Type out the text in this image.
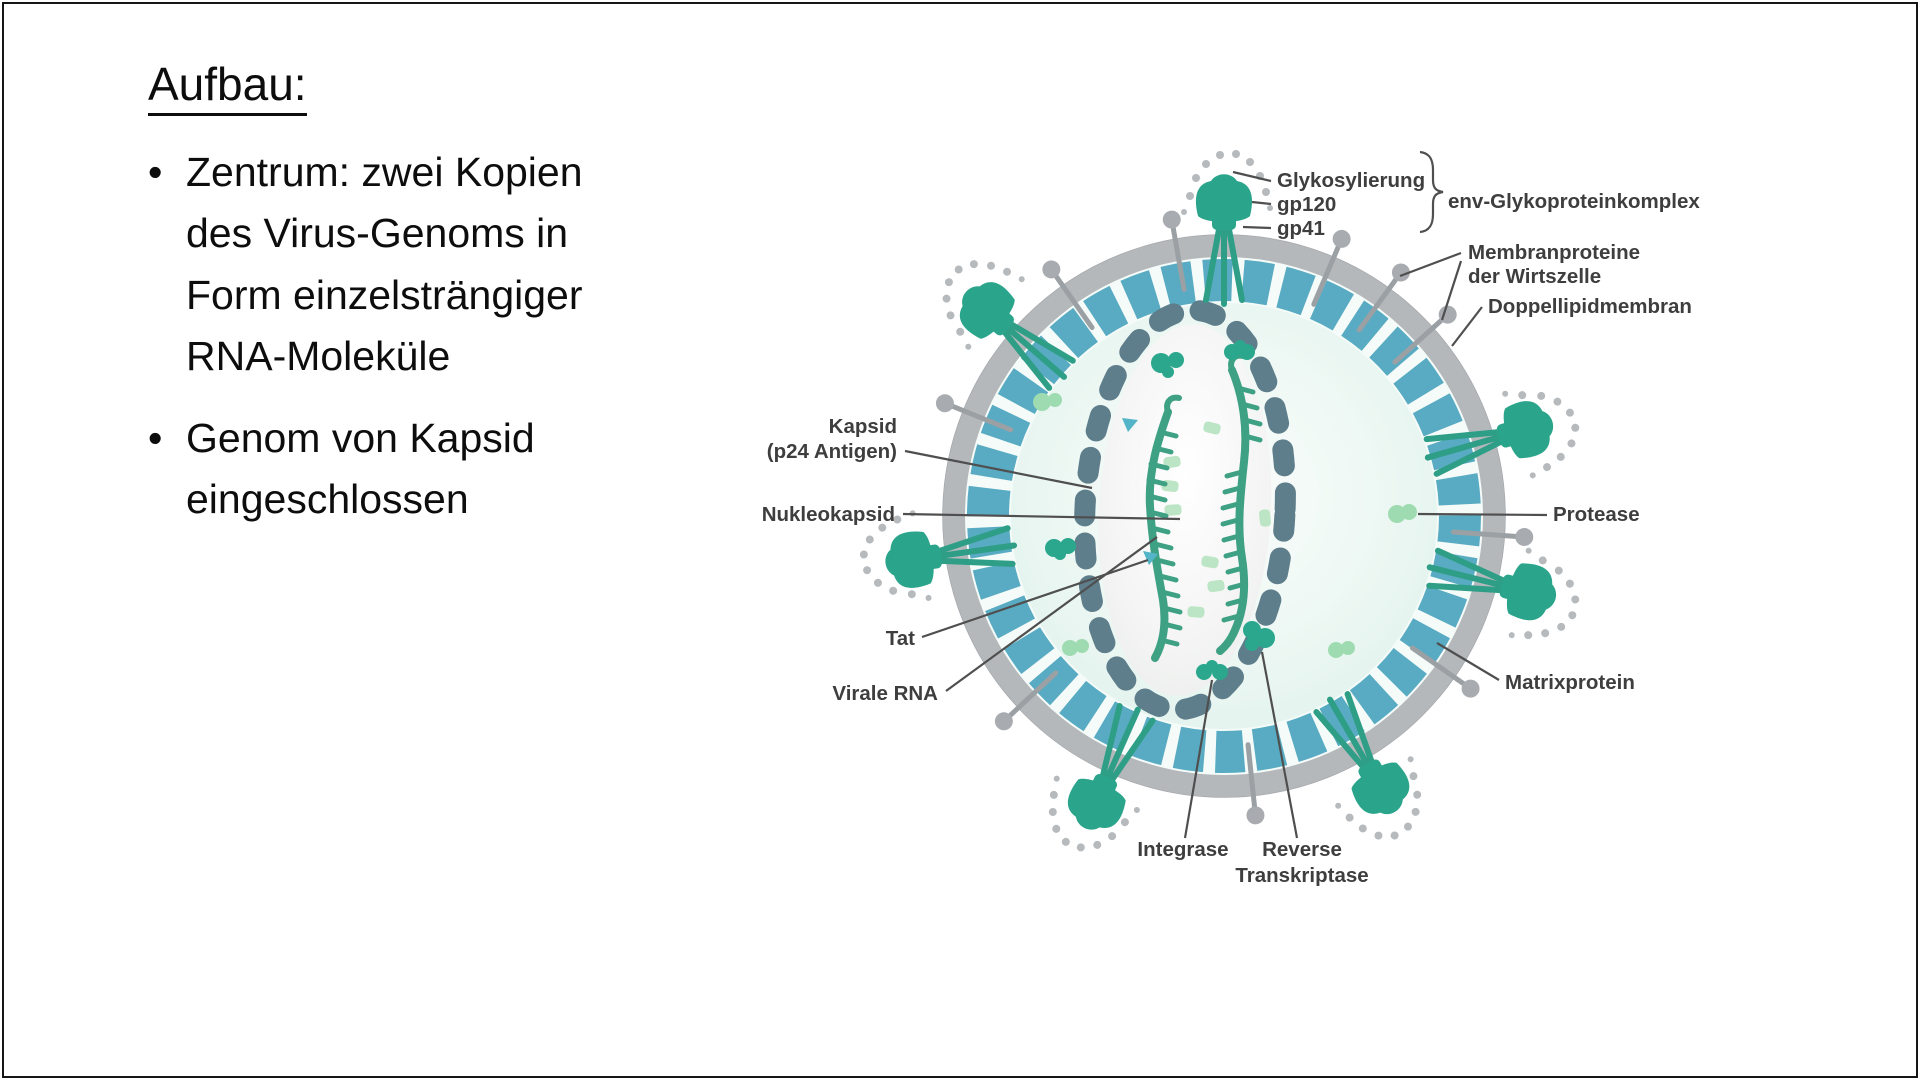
Aufbau:
• Zentrum: zwei Kopien des Virus-Genoms in Form einzelsträngiger RNA-Moleküle
• Genom von Kapsid eingeschlossen
Glykosylierung
gp120
gp41
env-Glykoproteinkomplex
Membranproteine
der Wirtszelle
Doppellipidmembran
Kapsid
(p24 Antigen)
Nukleokapsid
Tat
Virale RNA
Integrase Reverse
Transkriptase
Protease
Matrixprotein
